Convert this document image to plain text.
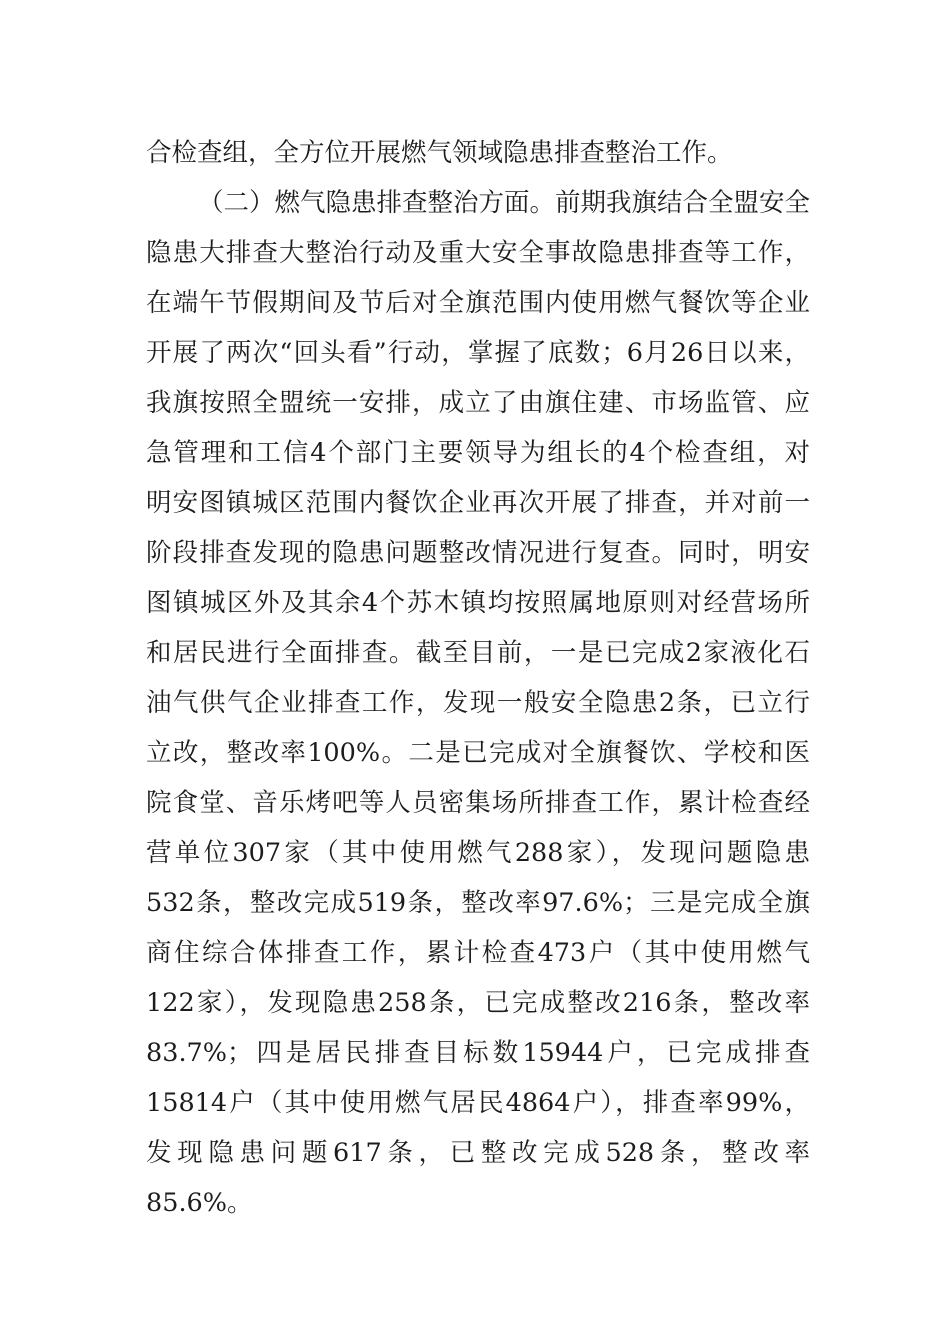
合检查组，全方位开展燃气领域隐患排查整治工作。
（二）燃气隐患排查整治方面。前期我旗结合全盟安全
隐患大排查大整治行动及重大安全事故隐患排查等工作，
在端午节假期间及节后对全旗范围内使用燃气餐饮等企业
开展了两次“回头看”行动，掌握了底数；6月26日以来，
我旗按照全盟统一安排，成立了由旗住建、市场监管、应
急管理和工信4个部门主要领导为组长的4个检查组，对
明安图镇城区范围内餐饮企业再次开展了排查，并对前一
阶段排查发现的隐患问题整改情况进行复查。同时，明安
图镇城区外及其余4个苏木镇均按照属地原则对经营场所
和居民进行全面排查。截至目前，一是已完成2家液化石
油气供气企业排查工作，发现一般安全隐患2条，已立行
立改，整改率100%。二是已完成对全旗餐饮、学校和医
院食堂、音乐烤吧等人员密集场所排查工作，累计检查经
营单位307家（其中使用燃气288家），发现问题隐患
532条，整改完成519条，整改率97.6%；三是完成全旗
商住综合体排查工作，累计检查473户（其中使用燃气
122家），发现隐患258条，已完成整改216条，整改率
83.7%；四是居民排查目标数15944户，已完成排查
15814户（其中使用燃气居民4864户），排查率99%，
发现隐患问题617条，已整改完成528条，整改率
85.6%。
